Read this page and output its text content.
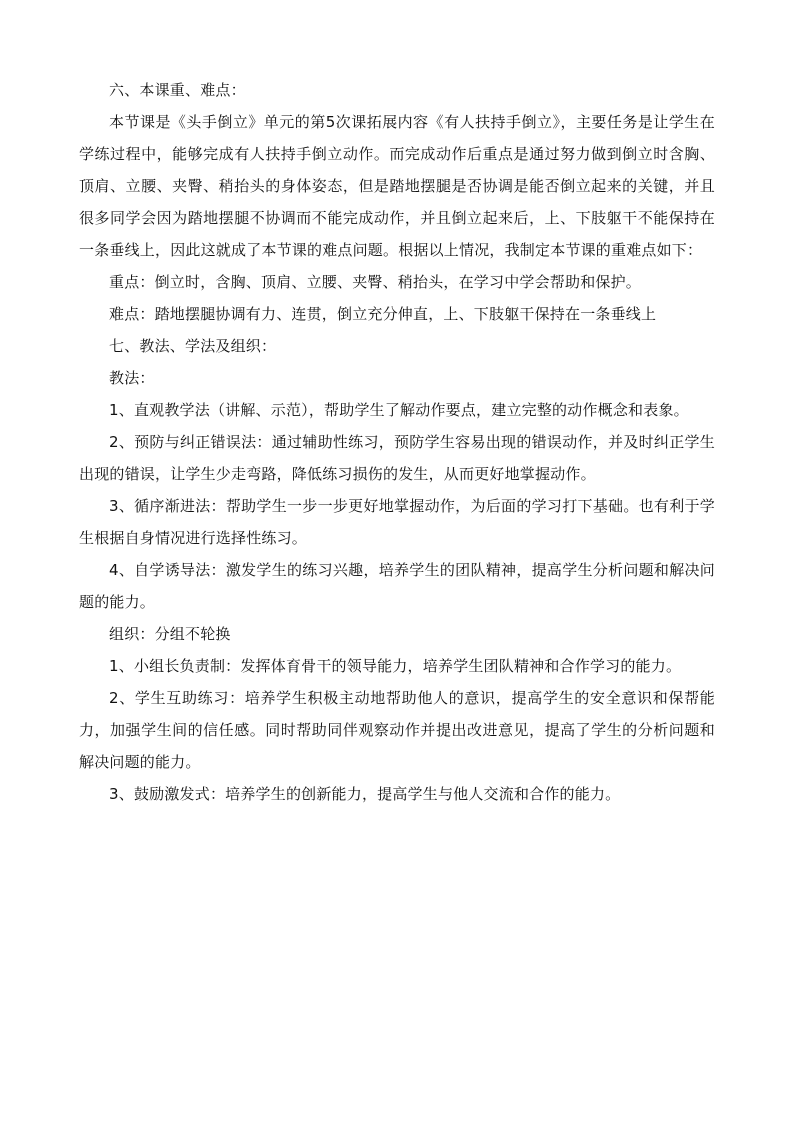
六、本课重、难点：

本节课是《头手倒立》单元的第5次课拓展内容《有人扶持手倒立》，主要任务是让学生在学练过程中，能够完成有人扶持手倒立动作。而完成动作后重点是通过努力做到倒立时含胸、顶肩、立腰、夹臀、稍抬头的身体姿态，但是踏地摆腿是否协调是能否倒立起来的关键，并且很多同学会因为踏地摆腿不协调而不能完成动作，并且倒立起来后，上、下肢躯干不能保持在一条垂线上，因此这就成了本节课的难点问题。根据以上情况，我制定本节课的重难点如下：

重点：倒立时，含胸、顶肩、立腰、夹臀、稍抬头，在学习中学会帮助和保护。

难点：踏地摆腿协调有力、连贯，倒立充分伸直，上、下肢躯干保持在一条垂线上

七、教法、学法及组织：

教法：

1、直观教学法（讲解、示范），帮助学生了解动作要点，建立完整的动作概念和表象。

2、预防与纠正错误法：通过辅助性练习，预防学生容易出现的错误动作，并及时纠正学生出现的错误，让学生少走弯路，降低练习损伤的发生，从而更好地掌握动作。

3、循序渐进法：帮助学生一步一步更好地掌握动作，为后面的学习打下基础。也有利于学生根据自身情况进行选择性练习。

4、自学诱导法：激发学生的练习兴趣，培养学生的团队精神，提高学生分析问题和解决问题的能力。

组织：分组不轮换

1、小组长负责制：发挥体育骨干的领导能力，培养学生团队精神和合作学习的能力。

2、学生互助练习：培养学生积极主动地帮助他人的意识，提高学生的安全意识和保帮能力，加强学生间的信任感。同时帮助同伴观察动作并提出改进意见，提高了学生的分析问题和解决问题的能力。

3、鼓励激发式：培养学生的创新能力，提高学生与他人交流和合作的能力。
